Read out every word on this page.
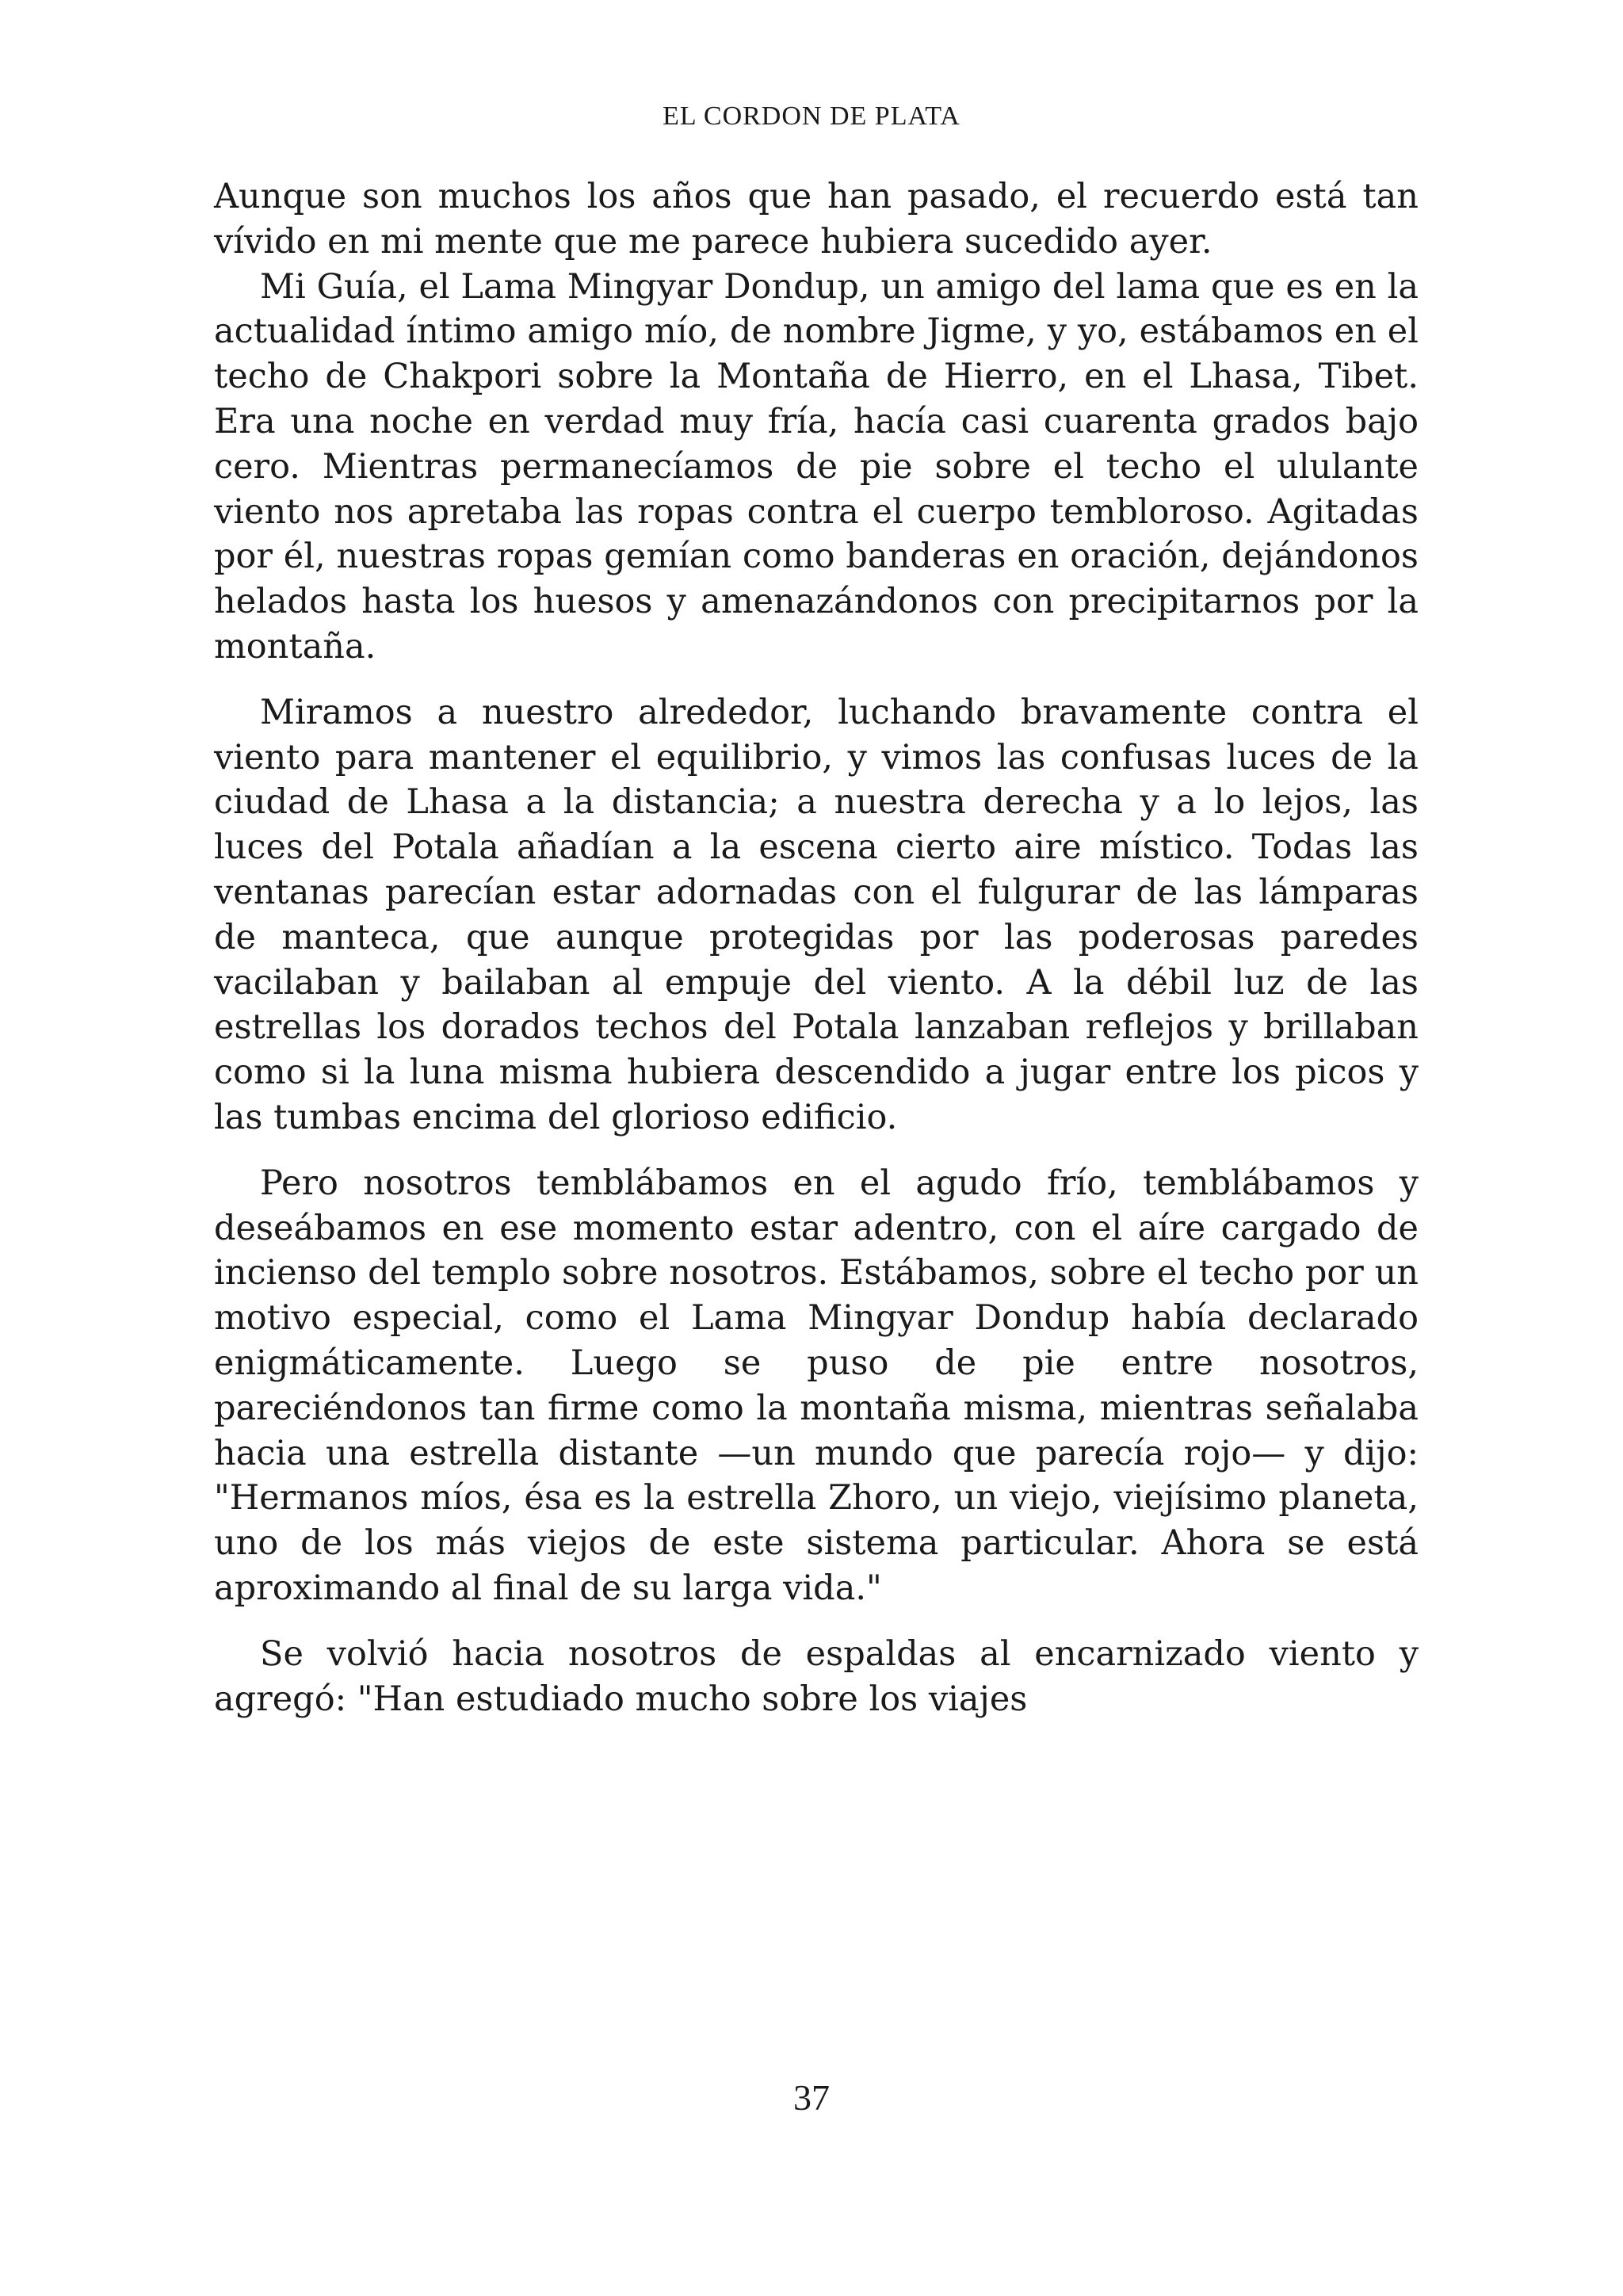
EL CORDON DE PLATA

Aunque son muchos los años que han pasado, el recuerdo está tan vívido en mi mente que me parece hubiera sucedido ayer.

Mi Guía, el Lama Mingyar Dondup, un amigo del lama que es en la actualidad íntimo amigo mío, de nombre Jigme, y yo, estábamos en el techo de Chakpori sobre la Montaña de Hierro, en el Lhasa, Tibet. Era una noche en verdad muy fría, hacía casi cuarenta grados bajo cero. Mientras permanecíamos de pie sobre el techo el ululante viento nos apretaba las ropas contra el cuerpo tembloroso. Agitadas por él, nuestras ropas gemían como banderas en oración, dejándonos helados hasta los huesos y amenazándonos con precipitarnos por la montaña.

Miramos a nuestro alrededor, luchando bravamente contra el viento para mantener el equilibrio, y vimos las confusas luces de la ciudad de Lhasa a la distancia; a nuestra derecha y a lo lejos, las luces del Potala añadían a la escena cierto aire místico. Todas las ventanas parecían estar adornadas con el fulgurar de las lámparas de manteca, que aunque protegidas por las poderosas paredes vacilaban y bailaban al empuje del viento. A la débil luz de las estrellas los dorados techos del Potala lanzaban reflejos y brillaban como si la luna misma hubiera descendido a jugar entre los picos y las tumbas encima del glorioso edificio.

Pero nosotros temblábamos en el agudo frío, temblábamos y deseábamos en ese momento estar adentro, con el aíre cargado de incienso del templo sobre nosotros. Estábamos, sobre el techo por un motivo especial, como el Lama Mingyar Dondup había declarado enigmáticamente. Luego se puso de pie entre nosotros, pareciéndonos tan firme como la montaña misma, mientras señalaba hacia una estrella distante —un mundo que parecía rojo— y dijo: "Hermanos míos, ésa es la estrella Zhoro, un viejo, viejísimo planeta, uno de los más viejos de este sistema particular. Ahora se está aproximando al final de su larga vida."

Se volvió hacia nosotros de espaldas al encarnizado viento y agregó: "Han estudiado mucho sobre los viajes

37
